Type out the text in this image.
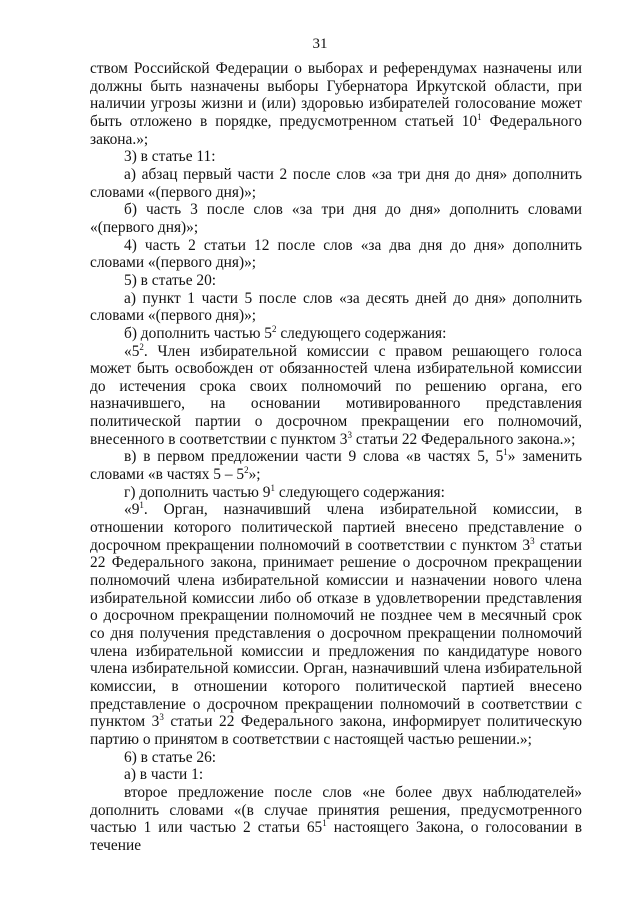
31

ством Российской Федерации о выборах и референдумах назначены или должны быть назначены выборы Губернатора Иркутской области, при наличии угрозы жизни и (или) здоровью избирателей голосование может быть отложено в порядке, предусмотренном статьей $10^1$ Федерального закона.»;

3) в статье 11:

а) абзац первый части 2 после слов «за три дня до дня» дополнить словами «(первого дня)»;

б) часть 3 после слов «за три дня до дня» дополнить словами «(первого дня)»;

4) часть 2 статьи 12 после слов «за два дня до дня» дополнить словами «(первого дня)»;

5) в статье 20:

а) пункт 1 части 5 после слов «за десять дней до дня» дополнить словами «(первого дня)»;

б) дополнить частью $5^2$ следующего содержания:

«$5^2$. Член избирательной комиссии с правом решающего голоса может быть освобожден от обязанностей члена избирательной комиссии до истечения срока своих полномочий по решению органа, его назначившего, на основании мотивированного представления политической партии о досрочном прекращении его полномочий, внесенного в соответствии с пунктом $3^3$ статьи 22 Федерального закона.»;

в) в первом предложении части 9 слова «в частях 5, $5^1$» заменить словами «в частях $5 - 5^2$»;

г) дополнить частью $9^1$ следующего содержания:

«$9^1$. Орган, назначивший члена избирательной комиссии, в отношении которого политической партией внесено представление о досрочном прекращении полномочий в соответствии с пунктом $3^3$ статьи 22 Федерального закона, принимает решение о досрочном прекращении полномочий члена избирательной комиссии и назначении нового члена избирательной комиссии либо об отказе в удовлетворении представления о досрочном прекращении полномочий не позднее чем в месячный срок со дня получения представления о досрочном прекращении полномочий члена избирательной комиссии и предложения по кандидатуре нового члена избирательной комиссии. Орган, назначивший члена избирательной комиссии, в отношении которого политической партией внесено представление о досрочном прекращении полномочий в соответствии с пунктом $3^3$ статьи 22 Федерального закона, информирует политическую партию о принятом в соответствии с настоящей частью решении.»;

6) в статье 26:

а) в части 1:

второе предложение после слов «не более двух наблюдателей» дополнить словами «(в случае принятия решения, предусмотренного частью 1 или частью 2 статьи $65^1$ настоящего Закона, о голосовании в течение
